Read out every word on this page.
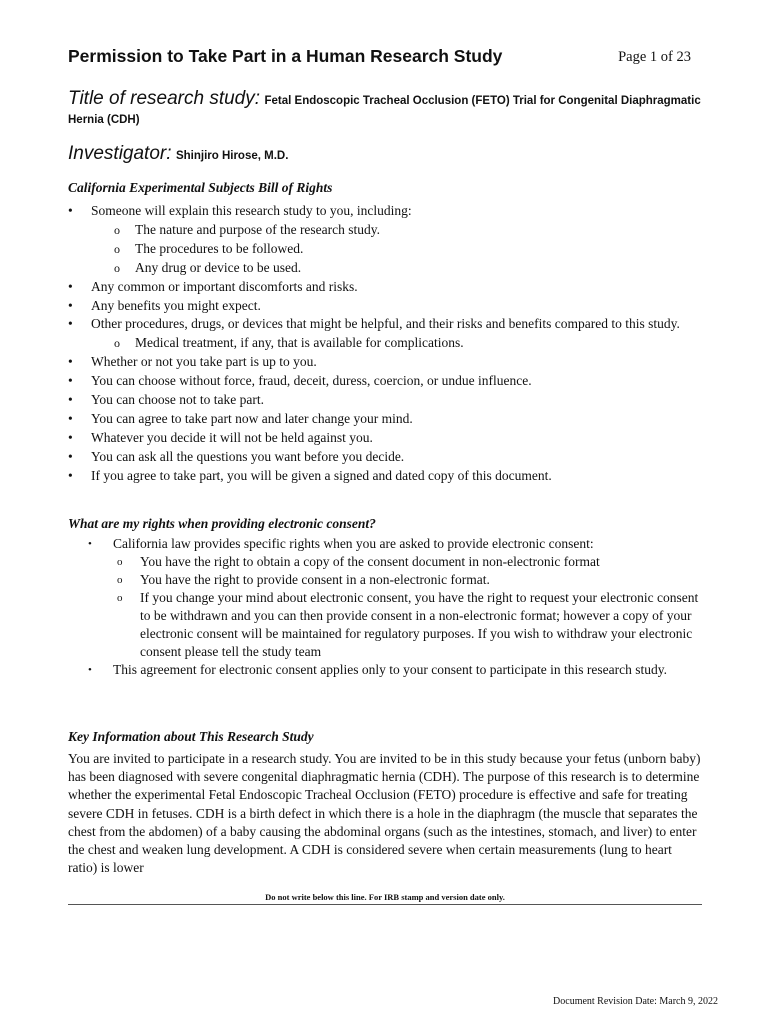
Permission to Take Part in a Human Research Study	Page 1 of 23
Title of research study: Fetal Endoscopic Tracheal Occlusion (FETO) Trial for Congenital Diaphragmatic Hernia (CDH)
Investigator: Shinjiro Hirose, M.D.
California Experimental Subjects Bill of Rights
• Someone will explain this research study to you, including:
o The nature and purpose of the research study.
o The procedures to be followed.
o Any drug or device to be used.
• Any common or important discomforts and risks.
• Any benefits you might expect.
• Other procedures, drugs, or devices that might be helpful, and their risks and benefits compared to this study.
o Medical treatment, if any, that is available for complications.
• Whether or not you take part is up to you.
• You can choose without force, fraud, deceit, duress, coercion, or undue influence.
• You can choose not to take part.
• You can agree to take part now and later change your mind.
• Whatever you decide it will not be held against you.
• You can ask all the questions you want before you decide.
• If you agree to take part, you will be given a signed and dated copy of this document.
What are my rights when providing electronic consent?
• California law provides specific rights when you are asked to provide electronic consent:
o You have the right to obtain a copy of the consent document in non-electronic format
o You have the right to provide consent in a non-electronic format.
o If you change your mind about electronic consent, you have the right to request your electronic consent to be withdrawn and you can then provide consent in a non-electronic format; however a copy of your electronic consent will be maintained for regulatory purposes. If you wish to withdraw your electronic consent please tell the study team
• This agreement for electronic consent applies only to your consent to participate in this research study.
Key Information about This Research Study
You are invited to participate in a research study. You are invited to be in this study because your fetus (unborn baby) has been diagnosed with severe congenital diaphragmatic hernia (CDH). The purpose of this research is to determine whether the experimental Fetal Endoscopic Tracheal Occlusion (FETO) procedure is effective and safe for treating severe CDH in fetuses. CDH is a birth defect in which there is a hole in the diaphragm (the muscle that separates the chest from the abdomen) of a baby causing the abdominal organs (such as the intestines, stomach, and liver) to enter the chest and weaken lung development. A CDH is considered severe when certain measurements (lung to heart ratio) is lower
Do not write below this line. For IRB stamp and version date only.
Document Revision Date: March 9, 2022
